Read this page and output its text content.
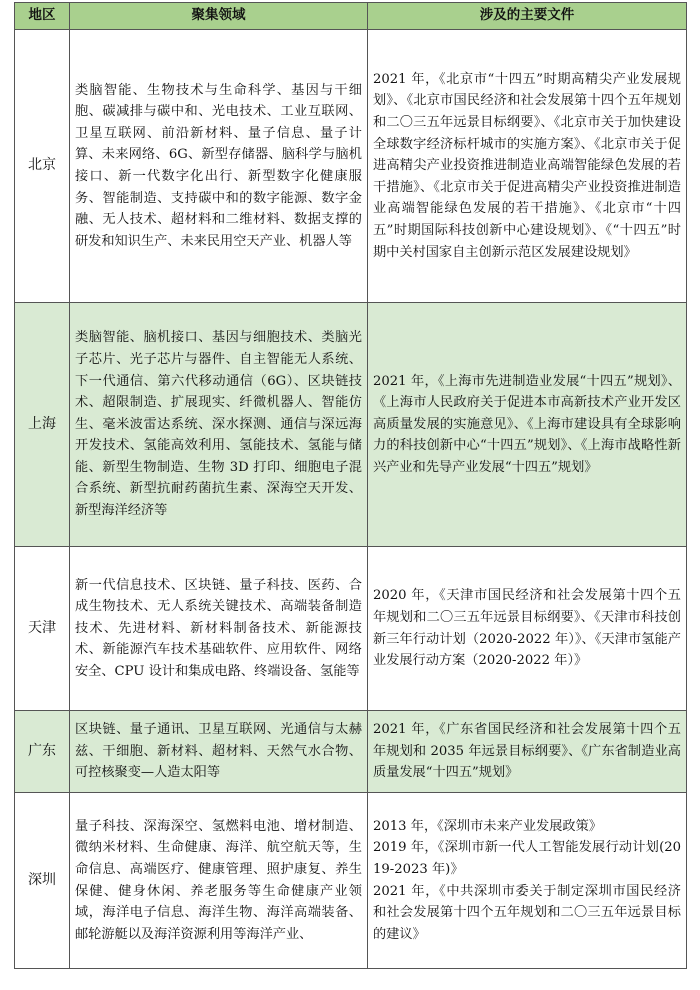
地区	聚集领域	涉及的主要文件
北京	类脑智能、生物技术与生命科学、基因与干细胞、碳减排与碳中和、光电技术、工业互联网、卫星互联网、前沿新材料、量子信息、量子计算、未来网络、6G、新型存储器、脑科学与脑机接口、新一代数字化出行、新型数字化健康服务、智能制造、支持碳中和的数字能源、数字金融、无人技术、超材料和二维材料、数据支撑的研发和知识生产、未来民用空天产业、机器人等	2021 年，《北京市“十四五”时期高精尖产业发展规划》、《北京市国民经济和社会发展第十四个五年规划和二〇三五年远景目标纲要》、《北京市关于加快建设全球数字经济标杆城市的实施方案》、《北京市关于促进高精尖产业投资推进制造业高端智能绿色发展的若干措施》、《北京市关于促进高精尖产业投资推进制造业高端智能绿色发展的若干措施》、《北京市“十四五”时期国际科技创新中心建设规划》、《“十四五”时期中关村国家自主创新示范区发展建设规划》

上海	类脑智能、脑机接口、基因与细胞技术、类脑光子芯片、光子芯片与器件、自主智能无人系统、下一代通信、第六代移动通信（6G）、区块链技术、超限制造、扩展现实、纤微机器人、智能仿生、毫米波雷达系统、深水探测、通信与深远海开发技术、氢能高效利用、氢能技术、氢能与储能、新型生物制造、生物 3D 打印、细胞电子混合系统、新型抗耐药菌抗生素、深海空天开发、新型海洋经济等	2021 年，《上海市先进制造业发展“十四五”规划》、《上海市人民政府关于促进本市高新技术产业开发区高质量发展的实施意见》、《上海市建设具有全球影响力的科技创新中心“十四五”规划》、《上海市战略性新兴产业和先导产业发展“十四五”规划》

天津	新一代信息技术、区块链、量子科技、医药、合成生物技术、无人系统关键技术、高端装备制造技术、先进材料、新材料制备技术、新能源技术、新能源汽车技术基础软件、应用软件、网络安全、CPU 设计和集成电路、终端设备、氢能等	2020 年，《天津市国民经济和社会发展第十四个五年规划和二〇三五年远景目标纲要》、《天津市科技创新三年行动计划（2020-2022 年）》、《天津市氢能产业发展行动方案（2020-2022 年）》

广东	区块链、量子通讯、卫星互联网、光通信与太赫兹、干细胞、新材料、超材料、天然气水合物、可控核聚变—人造太阳等	2021 年，《广东省国民经济和社会发展第十四个五年规划和 2035 年远景目标纲要》、《广东省制造业高质量发展“十四五”规划》

深圳	量子科技、深海深空、氢燃料电池、增材制造、微纳米材料、生命健康、海洋、航空航天等，生命信息、高端医疗、健康管理、照护康复、养生保健、健身休闲、养老服务等生命健康产业领域，海洋电子信息、海洋生物、海洋高端装备、邮轮游艇以及海洋资源利用等海洋产业、	2013 年，《深圳市未来产业发展政策》
2019 年，《深圳市新一代人工智能发展行动计划(2019-2023 年)》
2021 年，《中共深圳市委关于制定深圳市国民经济和社会发展第十四个五年规划和二〇三五年远景目标的建议》
